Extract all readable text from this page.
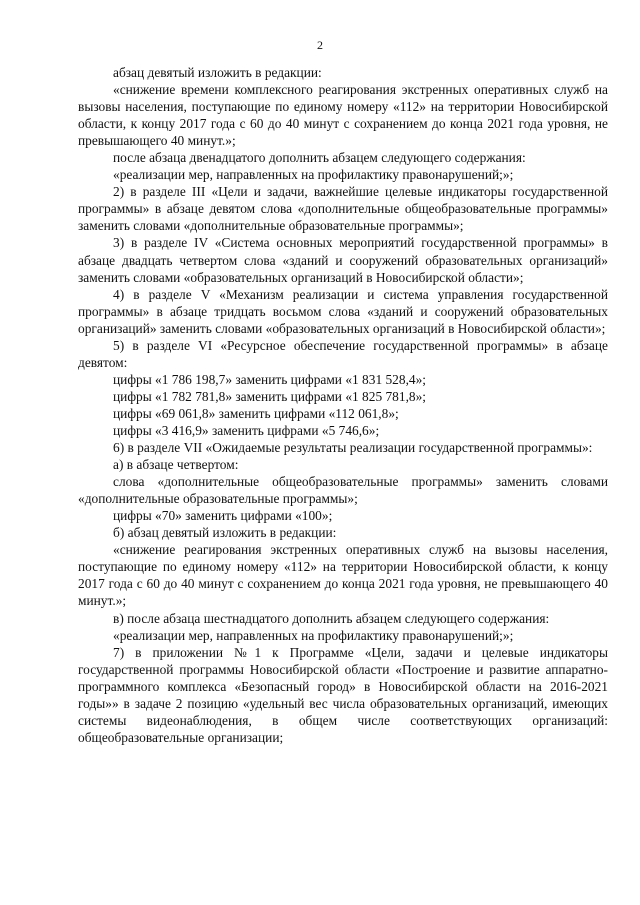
2

абзац девятый изложить в редакции:

«снижение времени комплексного реагирования экстренных оперативных служб на вызовы населения, поступающие по единому номеру «112» на территории Новосибирской области, к концу 2017 года с 60 до 40 минут с сохранением до конца 2021 года уровня, не превышающего 40 минут.»;

после абзаца двенадцатого дополнить абзацем следующего содержания:

«реализации мер, направленных на профилактику правонарушений;»;

2) в разделе III «Цели и задачи, важнейшие целевые индикаторы государственной программы» в абзаце девятом слова «дополнительные общеобразовательные программы» заменить словами «дополнительные образовательные программы»;

3) в разделе IV «Система основных мероприятий государственной программы» в абзаце двадцать четвертом слова «зданий и сооружений образовательных организаций» заменить словами «образовательных организаций в Новосибирской области»;

4) в разделе V «Механизм реализации и система управления государственной программы» в абзаце тридцать восьмом слова «зданий и сооружений образовательных организаций» заменить словами «образовательных организаций в Новосибирской области»;

5) в разделе VI «Ресурсное обеспечение государственной программы» в абзаце девятом:

цифры «1 786 198,7» заменить цифрами «1 831 528,4»;

цифры «1 782 781,8» заменить цифрами «1 825 781,8»;

цифры «69 061,8» заменить цифрами «112 061,8»;

цифры «3 416,9» заменить цифрами «5 746,6»;

6) в разделе VII «Ожидаемые результаты реализации государственной программы»:

а) в абзаце четвертом:

слова «дополнительные общеобразовательные программы» заменить словами «дополнительные образовательные программы»;

цифры «70» заменить цифрами «100»;

б) абзац девятый изложить в редакции:

«снижение реагирования экстренных оперативных служб на вызовы населения, поступающие по единому номеру «112» на территории Новосибирской области, к концу 2017 года с 60 до 40 минут с сохранением до конца 2021 года уровня, не превышающего 40 минут.»;

в) после абзаца шестнадцатого дополнить абзацем следующего содержания:

«реализации мер, направленных на профилактику правонарушений;»;

7) в приложении №1 к Программе «Цели, задачи и целевые индикаторы государственной программы Новосибирской области «Построение и развитие аппаратно-программного комплекса «Безопасный город» в Новосибирской области на 2016-2021 годы»» в задаче 2 позицию «удельный вес числа образовательных организаций, имеющих системы видеонаблюдения, в общем числе соответствующих организаций: общеобразовательные организации;
